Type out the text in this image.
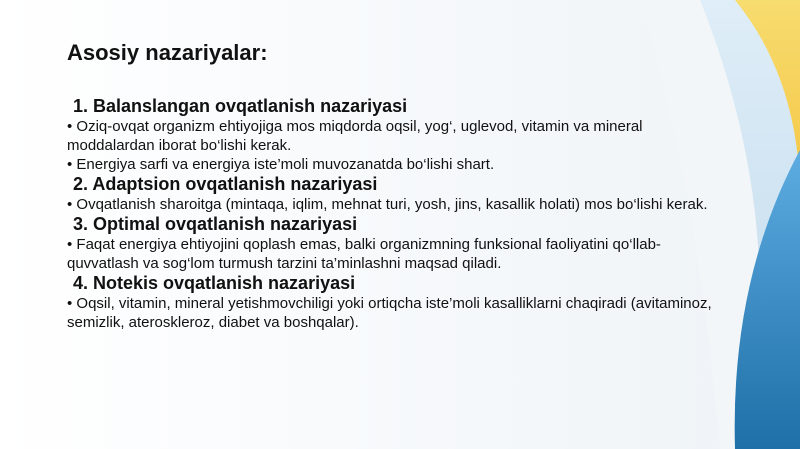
Asosiy nazariyalar:

1. Balanslangan ovqatlanish nazariyasi

• Oziq-ovqat organizm ehtiyojiga mos miqdorda oqsil, yog‘, uglevod, vitamin va mineral moddalardan iborat bo‘lishi kerak.

• Energiya sarfi va energiya iste’moli muvozanatda bo‘lishi shart.

2. Adaptsion ovqatlanish nazariyasi

• Ovqatlanish sharoitga (mintaqa, iqlim, mehnat turi, yosh, jins, kasallik holati) mos bo‘lishi kerak.

3. Optimal ovqatlanish nazariyasi

• Faqat energiya ehtiyojini qoplash emas, balki organizmning funksional faoliyatini qo‘llab-quvvatlash va sog‘lom turmush tarzini ta’minlashni maqsad qiladi.

4. Notekis ovqatlanish nazariyasi

• Oqsil, vitamin, mineral yetishmovchiligi yoki ortiqcha iste’moli kasalliklarni chaqiradi (avitaminoz, semizlik, ateroskleroz, diabet va boshqalar).
